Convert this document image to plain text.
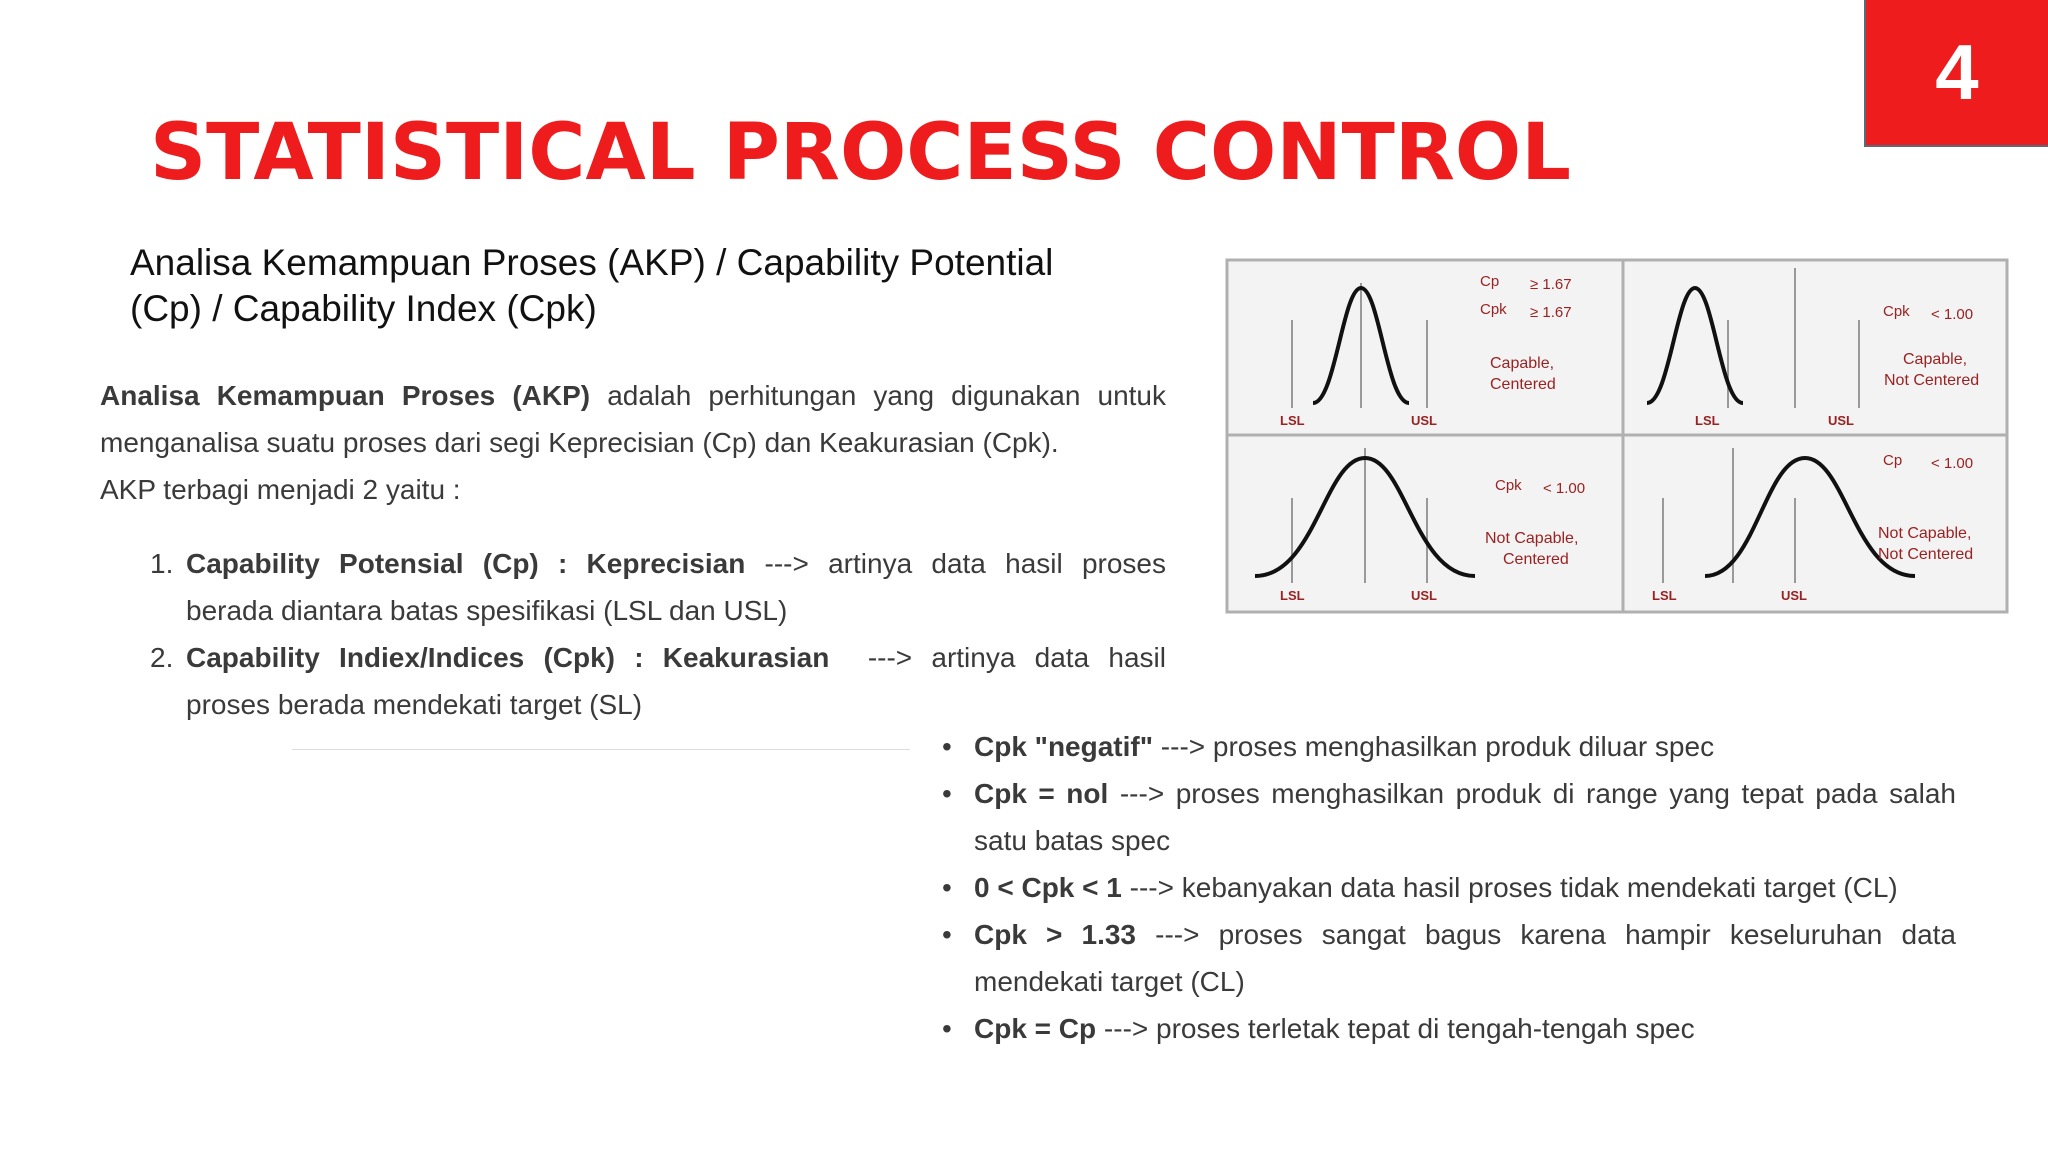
4
STATISTICAL PROCESS CONTROL
Analisa Kemampuan Proses (AKP) / Capability Potential
(Cp) / Capability Index (Cpk)
Analisa Kemampuan Proses (AKP) adalah perhitungan yang digunakan untuk
menganalisa suatu proses dari segi Keprecisian (Cp) dan Keakurasian (Cpk).
AKP terbagi menjadi 2 yaitu :
1. Capability Potensial (Cp) : Keprecisian ---> artinya data hasil proses
berada diantara batas spesifikasi (LSL dan USL)
2. Capability Indiex/Indices (Cpk) : Keakurasian  ---> artinya data hasil
proses berada mendekati target (SL)
• Cpk "negatif" ---> proses menghasilkan produk diluar spec
• Cpk = nol ---> proses menghasilkan produk di range yang tepat pada salah
satu batas spec
• 0 < Cpk < 1 ---> kebanyakan data hasil proses tidak mendekati target (CL)
• Cpk > 1.33 ---> proses sangat bagus karena hampir keseluruhan data
mendekati target (CL)
• Cpk = Cp ---> proses terletak tepat di tengah-tengah spec
LSL	USL
Cp ≥ 1.67
Cpk ≥ 1.67
Capable,
Centered
LSL	USL
Cpk < 1.00
Capable,
Not Centered
LSL	USL
Cpk < 1.00
Not Capable,
Centered
LSL	USL
Cp < 1.00
Not Capable,
Not Centered
